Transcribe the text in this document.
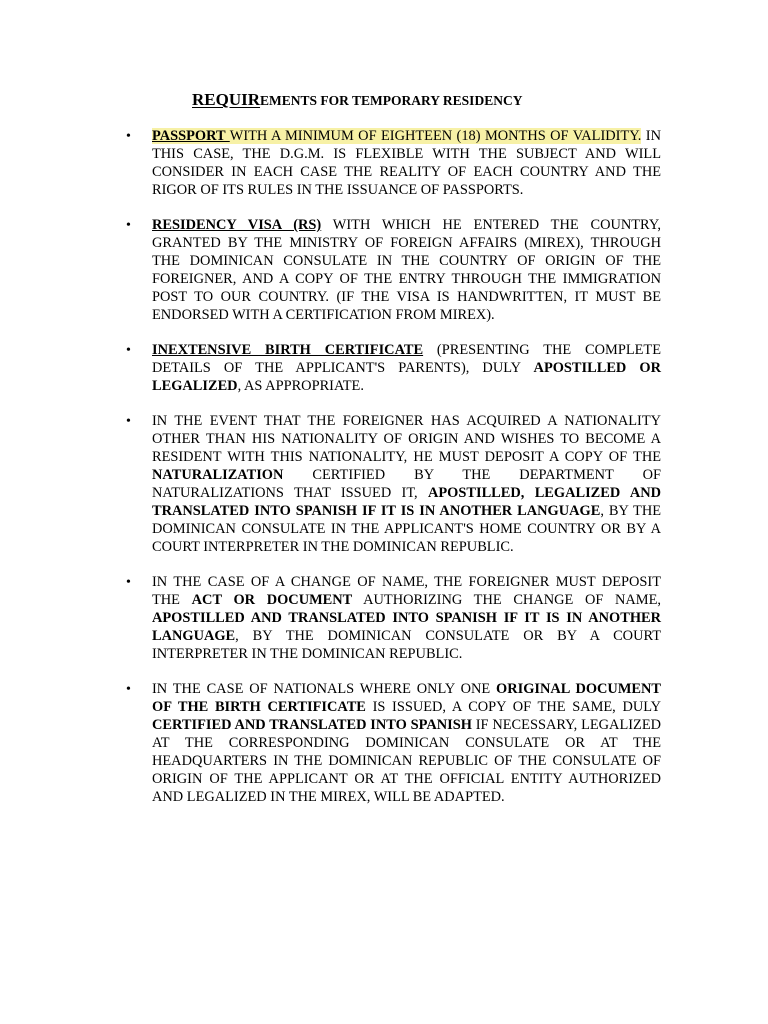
REQUIREMENTS FOR TEMPORARY RESIDENCY
• PASSPORT WITH A MINIMUM OF EIGHTEEN (18) MONTHS OF VALIDITY. IN THIS CASE, THE D.G.M. IS FLEXIBLE WITH THE SUBJECT AND WILL CONSIDER IN EACH CASE THE REALITY OF EACH COUNTRY AND THE RIGOR OF ITS RULES IN THE ISSUANCE OF PASSPORTS.
• RESIDENCY VISA (RS) WITH WHICH HE ENTERED THE COUNTRY, GRANTED BY THE MINISTRY OF FOREIGN AFFAIRS (MIREX), THROUGH THE DOMINICAN CONSULATE IN THE COUNTRY OF ORIGIN OF THE FOREIGNER, AND A COPY OF THE ENTRY THROUGH THE IMMIGRATION POST TO OUR COUNTRY. (IF THE VISA IS HANDWRITTEN, IT MUST BE ENDORSED WITH A CERTIFICATION FROM MIREX).
• INEXTENSIVE BIRTH CERTIFICATE (PRESENTING THE COMPLETE DETAILS OF THE APPLICANT'S PARENTS), DULY APOSTILLED OR LEGALIZED, AS APPROPRIATE.
• IN THE EVENT THAT THE FOREIGNER HAS ACQUIRED A NATIONALITY OTHER THAN HIS NATIONALITY OF ORIGIN AND WISHES TO BECOME A RESIDENT WITH THIS NATIONALITY, HE MUST DEPOSIT A COPY OF THE NATURALIZATION CERTIFIED BY THE DEPARTMENT OF NATURALIZATIONS THAT ISSUED IT, APOSTILLED, LEGALIZED AND TRANSLATED INTO SPANISH IF IT IS IN ANOTHER LANGUAGE, BY THE DOMINICAN CONSULATE IN THE APPLICANT'S HOME COUNTRY OR BY A COURT INTERPRETER IN THE DOMINICAN REPUBLIC.
• IN THE CASE OF A CHANGE OF NAME, THE FOREIGNER MUST DEPOSIT THE ACT OR DOCUMENT AUTHORIZING THE CHANGE OF NAME, APOSTILLED AND TRANSLATED INTO SPANISH IF IT IS IN ANOTHER LANGUAGE, BY THE DOMINICAN CONSULATE OR BY A COURT INTERPRETER IN THE DOMINICAN REPUBLIC.
• IN THE CASE OF NATIONALS WHERE ONLY ONE ORIGINAL DOCUMENT OF THE BIRTH CERTIFICATE IS ISSUED, A COPY OF THE SAME, DULY CERTIFIED AND TRANSLATED INTO SPANISH IF NECESSARY, LEGALIZED AT THE CORRESPONDING DOMINICAN CONSULATE OR AT THE HEADQUARTERS IN THE DOMINICAN REPUBLIC OF THE CONSULATE OF ORIGIN OF THE APPLICANT OR AT THE OFFICIAL ENTITY AUTHORIZED AND LEGALIZED IN THE MIREX, WILL BE ADAPTED.
